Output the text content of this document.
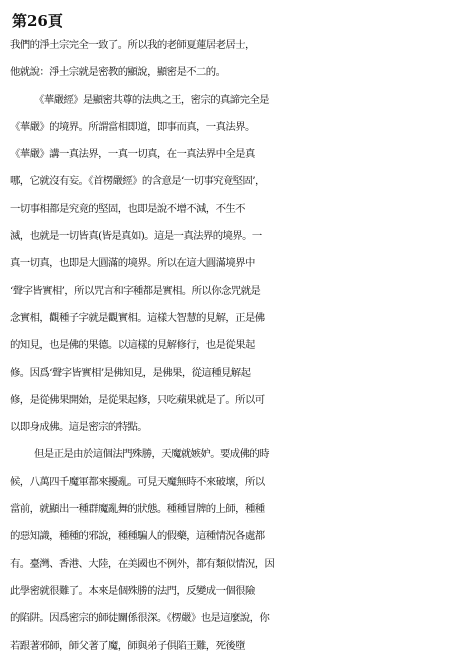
第26頁
我們的淨土宗完全一致了。所以我的老師夏蓮居老居士，
他就說：淨土宗就是密教的顯說，顯密是不二的。
《華嚴經》是顯密共尊的法典之王，密宗的真諦完全是
《華嚴》的境界。所謂當相即道，即事而真，一真法界。
《華嚴》講一真法界，一真一切真，在一真法界中全是真
哪，它就沒有妄。《首楞嚴經》的含意是‘一切事究竟堅固’，
一切事相都是究竟的堅固，也即是說不增不減，不生不
滅，也就是一切皆真(皆是真如)。這是一真法界的境界。一
真一切真，也即是大圓滿的境界。所以在這大圓滿境界中
‘聲字皆實相’，所以咒言和字種都是實相。所以你念咒就是
念實相，觀種子字就是觀實相。這樣大智慧的見解，正是佛
的知見，也是佛的果德。以這樣的見解修行，也是從果起
修。因爲‘聲字皆實相’是佛知見，是佛果，從這種見解起
修，是從佛果開始，是從果起修，只吃蘋果就是了。所以可
以即身成佛。這是密宗的特點。
但是正是由於這個法門殊勝，天魔就嫉妒。要成佛的時
候，八萬四千魔軍都來擾亂。可見天魔無時不來破壞，所以
當前，就顯出一種群魔亂舞的狀態。種種冒牌的上師，種種
的惡知識，種種的邪說，種種騙人的假藥，這種情況各處都
有。臺灣、香港、大陸，在美國也不例外，都有類似情況，因
此學密就很難了。本來是個殊勝的法門，反變成一個很險
的陷阱。因爲密宗的師徒關係很深。《楞嚴》也是這麼說，你
若跟著邪師，師父著了魔，師與弟子俱陷王難，死後墮
